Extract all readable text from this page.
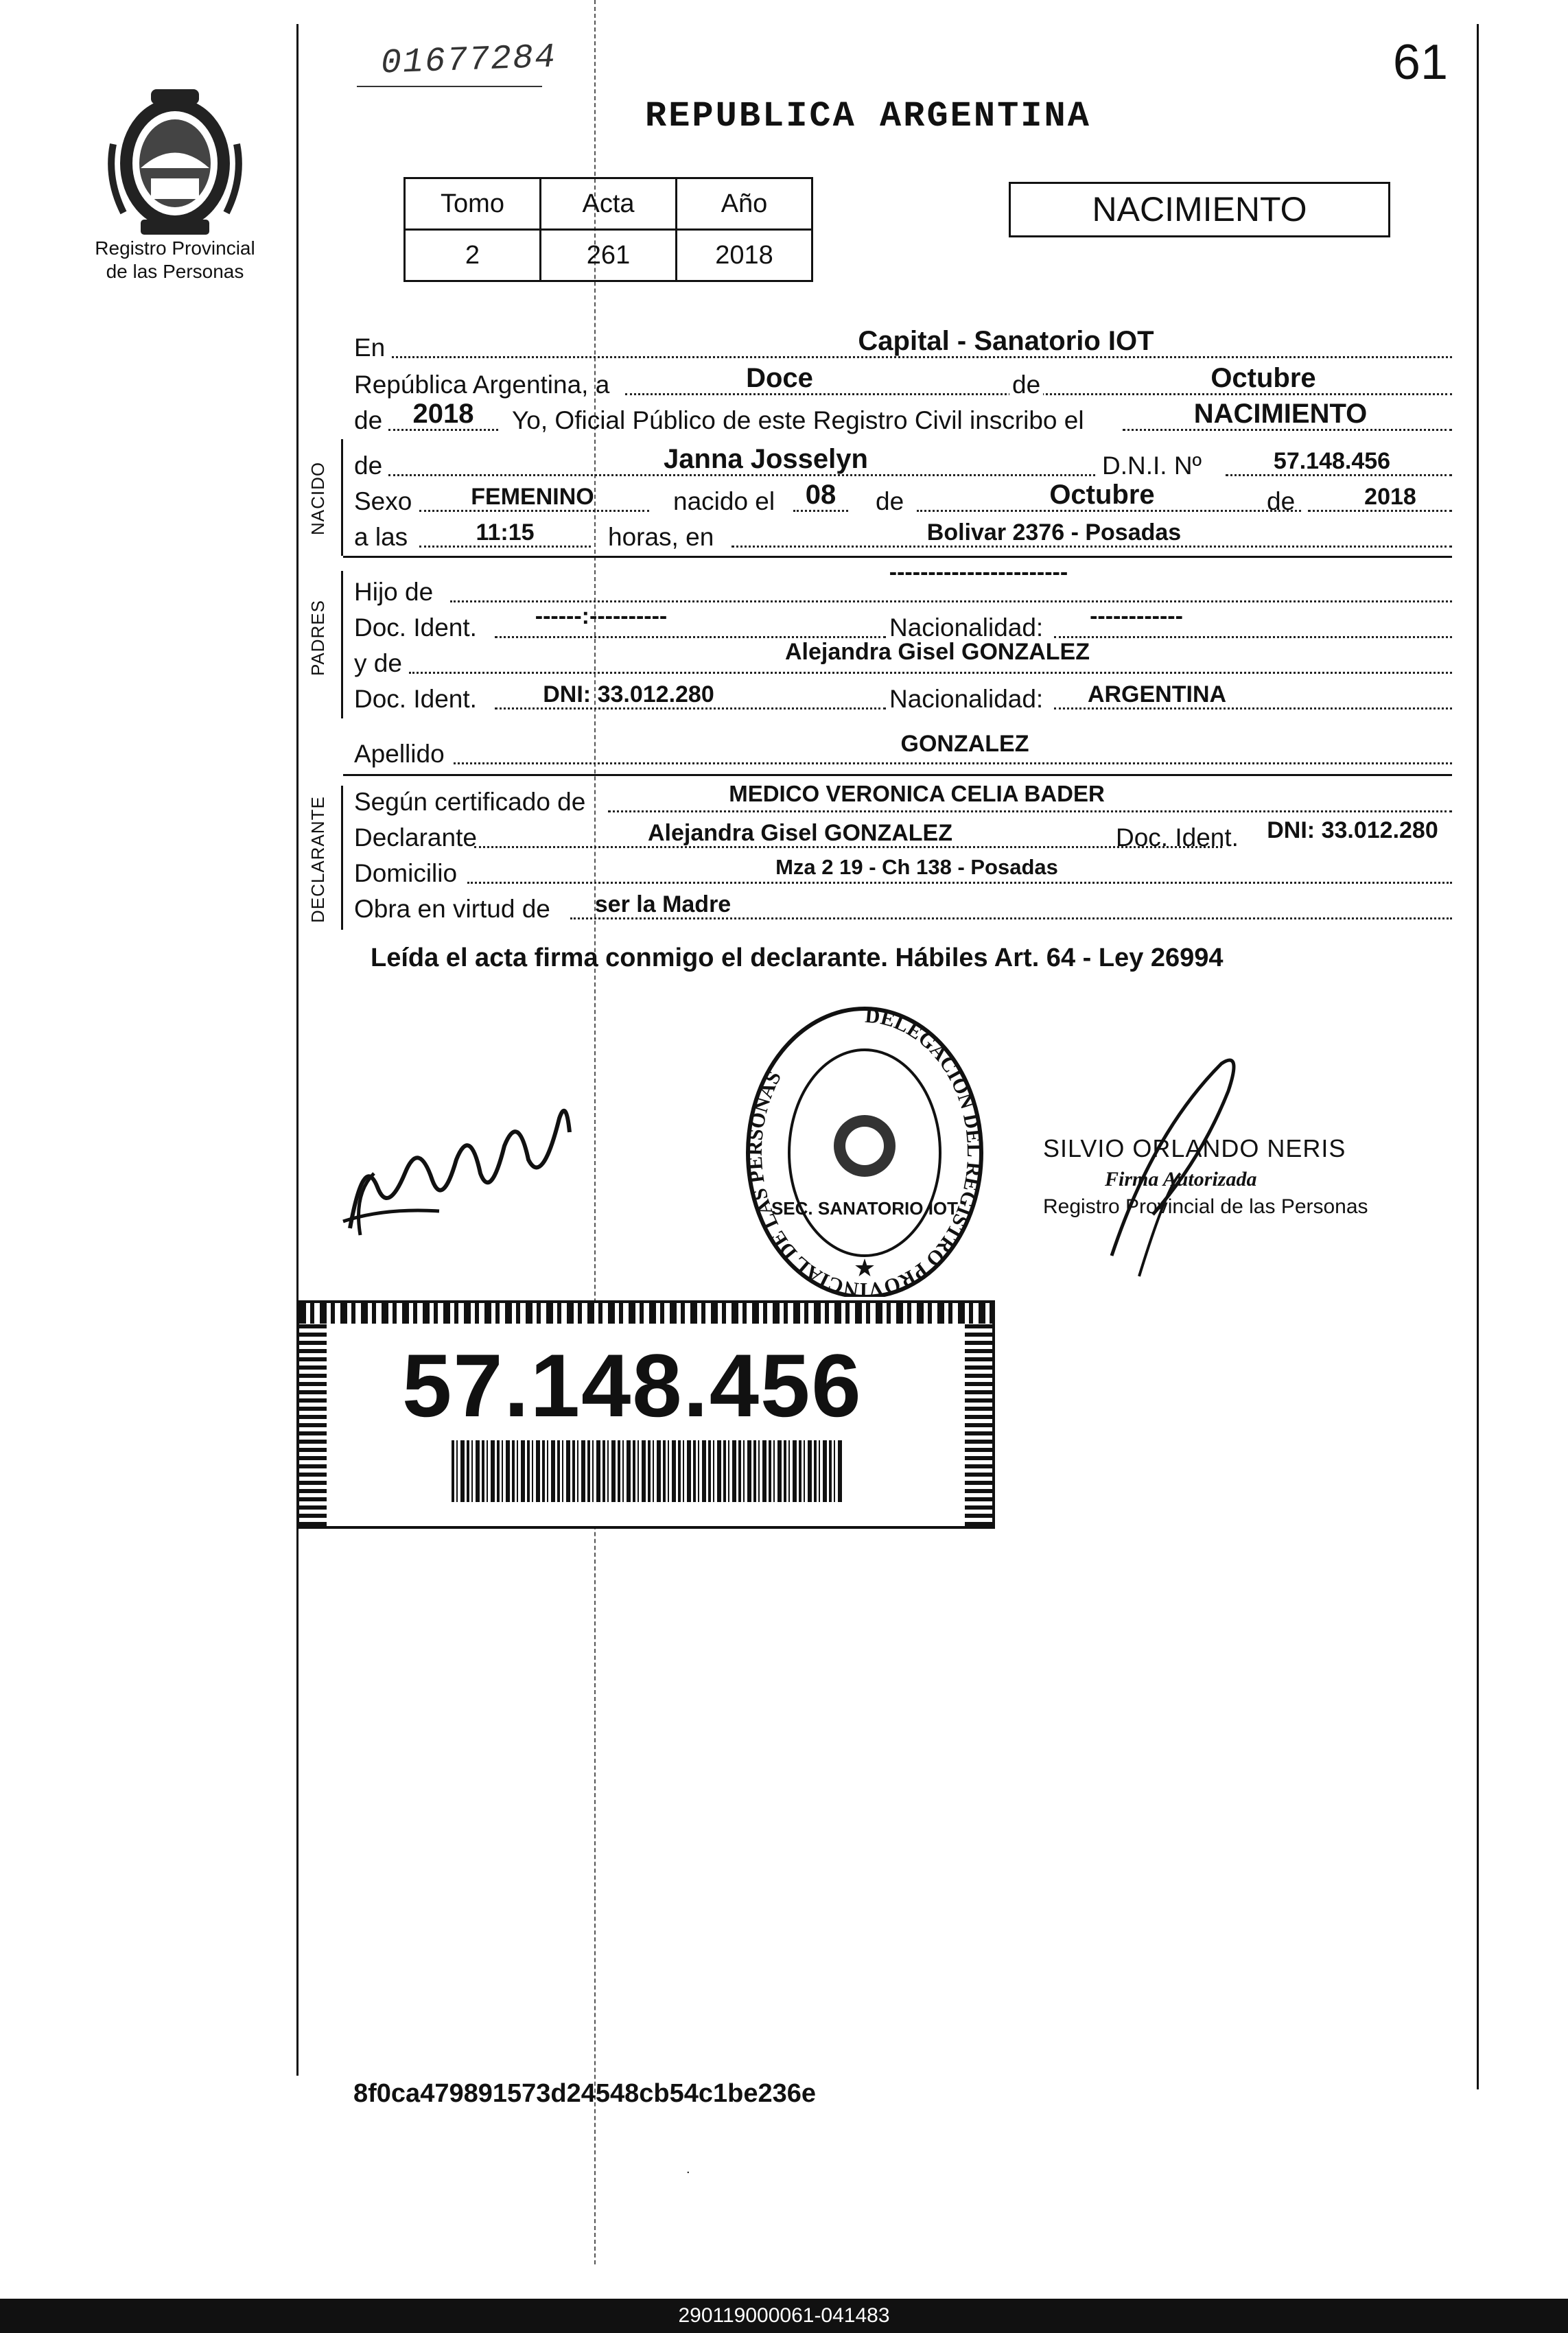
01677284	61
REPUBLICA ARGENTINA
Registro Provincial
de las Personas
Tomo	Acta	Año
2	261	2018
NACIMIENTO
En	Capital - Sanatorio IOT
República Argentina, a	Doce	de	Octubre
de	2018	Yo, Oficial Público de este Registro Civil inscribo el	NACIMIENTO
NACIDO de	Janna Josselyn	D.N.I. Nº	57.148.456
Sexo	FEMENINO	nacido el	08	de	Octubre	de	2018
a las	11:15	horas, en	Bolivar 2376 - Posadas
PADRES
Hijo de
-----------------------
Doc. Ident.	------:----------	Nacionalidad:	------------
y de	Alejandra Gisel GONZALEZ
Doc. Ident.	DNI: 33.012.280	Nacionalidad:	ARGENTINA
Apellido	GONZALEZ
DECLARANTE Según certificado de	MEDICO VERONICA CELIA BADER
Declarante	Alejandra Gisel GONZALEZ	Doc. Ident.	DNI: 33.012.280
Domicilio	Mza 2 19 - Ch 138 - Posadas
Obra en virtud de	ser la Madre
Leída el acta firma conmigo el declarante. Hábiles Art. 64 - Ley 26994
DELEGACION DEL REGISTRO PROVINCIAL DE LAS PERSONAS
SEC. SANATORIO IOT
★
SILVIO ORLANDO NERIS
Firma Autorizada
Registro Provincial de las Personas
57.148.456
8f0ca479891573d24548cb54c1be236e
.
290119000061-041483
